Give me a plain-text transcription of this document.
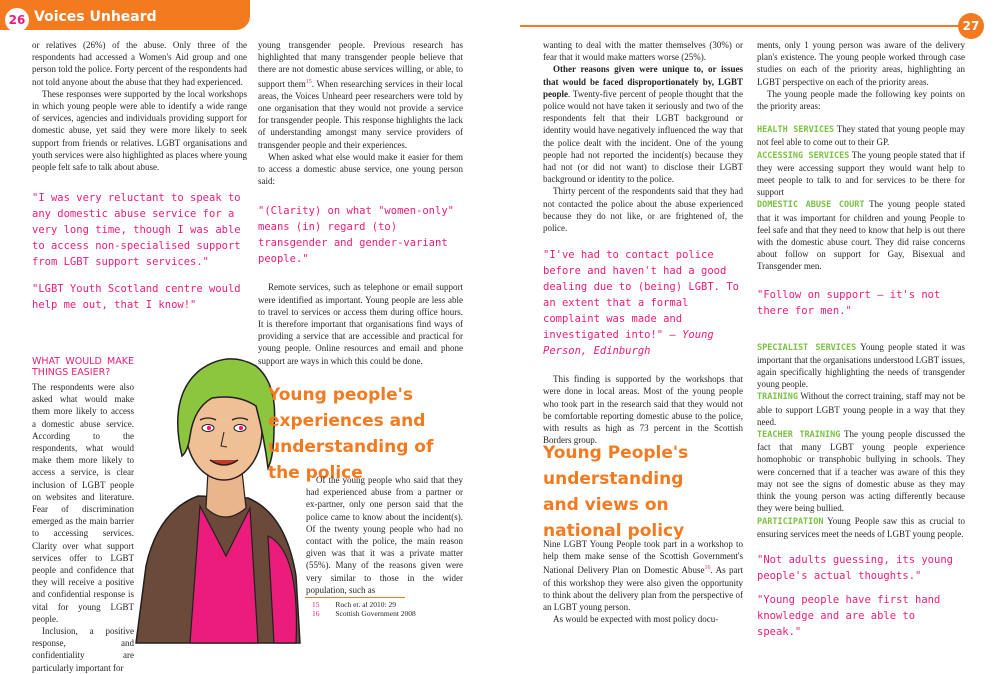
26 Voices Unheard
27

or relatives (26%) of the abuse. Only three of the respondents had accessed a Women's Aid group and one person told the police. Forty percent of the respondents had not told anyone about the abuse that they had experienced.

These responses were supported by the local workshops in which young people were able to identify a wide range of services, agencies and individuals providing support for domestic abuse, yet said they were more likely to seek support from friends or relatives. LGBT organisations and youth services were also highlighted as places where young people felt safe to talk about abuse.

"I was very reluctant to speak to any domestic abuse service for a very long time, though I was able to access non-specialised support from LGBT support services."

"LGBT Youth Scotland centre would help me out, that I know!"

WHAT WOULD MAKE THINGS EASIER?

The respondents were also asked what would make them more likely to access a domestic abuse service. According to the respondents, what would make them more likely to access a service, is clear inclusion of LGBT people on websites and literature. Fear of discrimination emerged as the main barrier to accessing services. Clarity over what support services offer to LGBT people and confidence that they will receive a positive and confidential response is vital for young LGBT people.

Inclusion, a positive response, and confidentiality are particularly important for

young transgender people. Previous research has highlighted that many transgender people believe that there are not domestic abuse services willing, or able, to support them$^{15}$. When researching services in their local areas, the Voices Unheard peer researchers were told by one organisation that they would not provide a service for transgender people. This response highlights the lack of understanding amongst many service providers of transgender people and their experiences.

When asked what else would make it easier for them to access a domestic abuse service, one young person said:

"(Clarity) on what "women-only" means (in) regard (to) transgender and gender-variant people."

Remote services, such as telephone or email support were identified as important. Young people are less able to travel to services or access them during office hours. It is therefore important that organisations find ways of providing a service that are accessible and practical for young people. Online resources and email and phone support are ways in which this could be done.

Young people's experiences and understanding of the police

Of the young people who said that they had experienced abuse from a partner or ex-partner, only one person said that the police came to know about the incident(s). Of the twenty young people who had no contact with the police, the main reason given was that it was a private matter (55%). Many of the reasons given were very similar to those in the wider population, such as

15 Roch et. al 2010: 29
16 Scottish Government 2008

wanting to deal with the matter themselves (30%) or fear that it would make matters worse (25%).

Other reasons given were unique to, or issues that would be faced disproportionately by, LGBT people. Twenty-five percent of people thought that the police would not have taken it seriously and two of the respondents felt that their LGBT background or identity would have negatively influenced the way that the police dealt with the incident. One of the young people had not reported the incident(s) because they had not (or did not want) to disclose their LGBT background or identity to the police.

Thirty percent of the respondents said that they had not contacted the police about the abuse experienced because they do not like, or are frightened of, the police.

"I've had to contact police before and haven't had a good dealing due to (being) LGBT. To an extent that a formal complaint was made and investigated into!" – Young Person, Edinburgh

This finding is supported by the workshops that were done in local areas. Most of the young people who took part in the research said that they would not be comfortable reporting domestic abuse to the police, with results as high as 73 percent in the Scottish Borders group.

Young People's understanding and views on national policy

Nine LGBT Young People took part in a workshop to help them make sense of the Scottish Government's National Delivery Plan on Domestic Abuse$^{16}$. As part of this workshop they were also given the opportunity to think about the delivery plan from the perspective of an LGBT young person.

As would be expected with most policy docu-

ments, only 1 young person was aware of the delivery plan's existence. The young people worked through case studies on each of the priority areas, highlighting an LGBT perspective on each of the priority areas.

The young people made the following key points on the priority areas:

HEALTH SERVICES They stated that young people may not feel able to come out to their GP.

ACCESSING SERVICES The young people stated that if they were accessing support they would want help to meet people to talk to and for services to be there for support

DOMESTIC ABUSE COURT The young people stated that it was important for children and young People to feel safe and that they need to know that help is out there with the domestic abuse court. They did raise concerns about follow on support for Gay, Bisexual and Transgender men.

"Follow on support – it's not there for men."

SPECIALIST SERVICES Young people stated it was important that the organisations understood LGBT issues, again specifically highlighting the needs of transgender young people.

TRAINING Without the correct training, staff may not be able to support LGBT young people in a way that they need.

TEACHER TRAINING The young people discussed the fact that many LGBT young people experience homophobic or transphobic bullying in schools. They were concerned that if a teacher was aware of this they may not see the signs of domestic abuse as they may think the young person was acting differently because they were being bullied.

PARTICIPATION Young People saw this as crucial to ensuring services meet the needs of LGBT young people.

"Not adults guessing, its young people's actual thoughts."

"Young people have first hand knowledge and are able to speak."
